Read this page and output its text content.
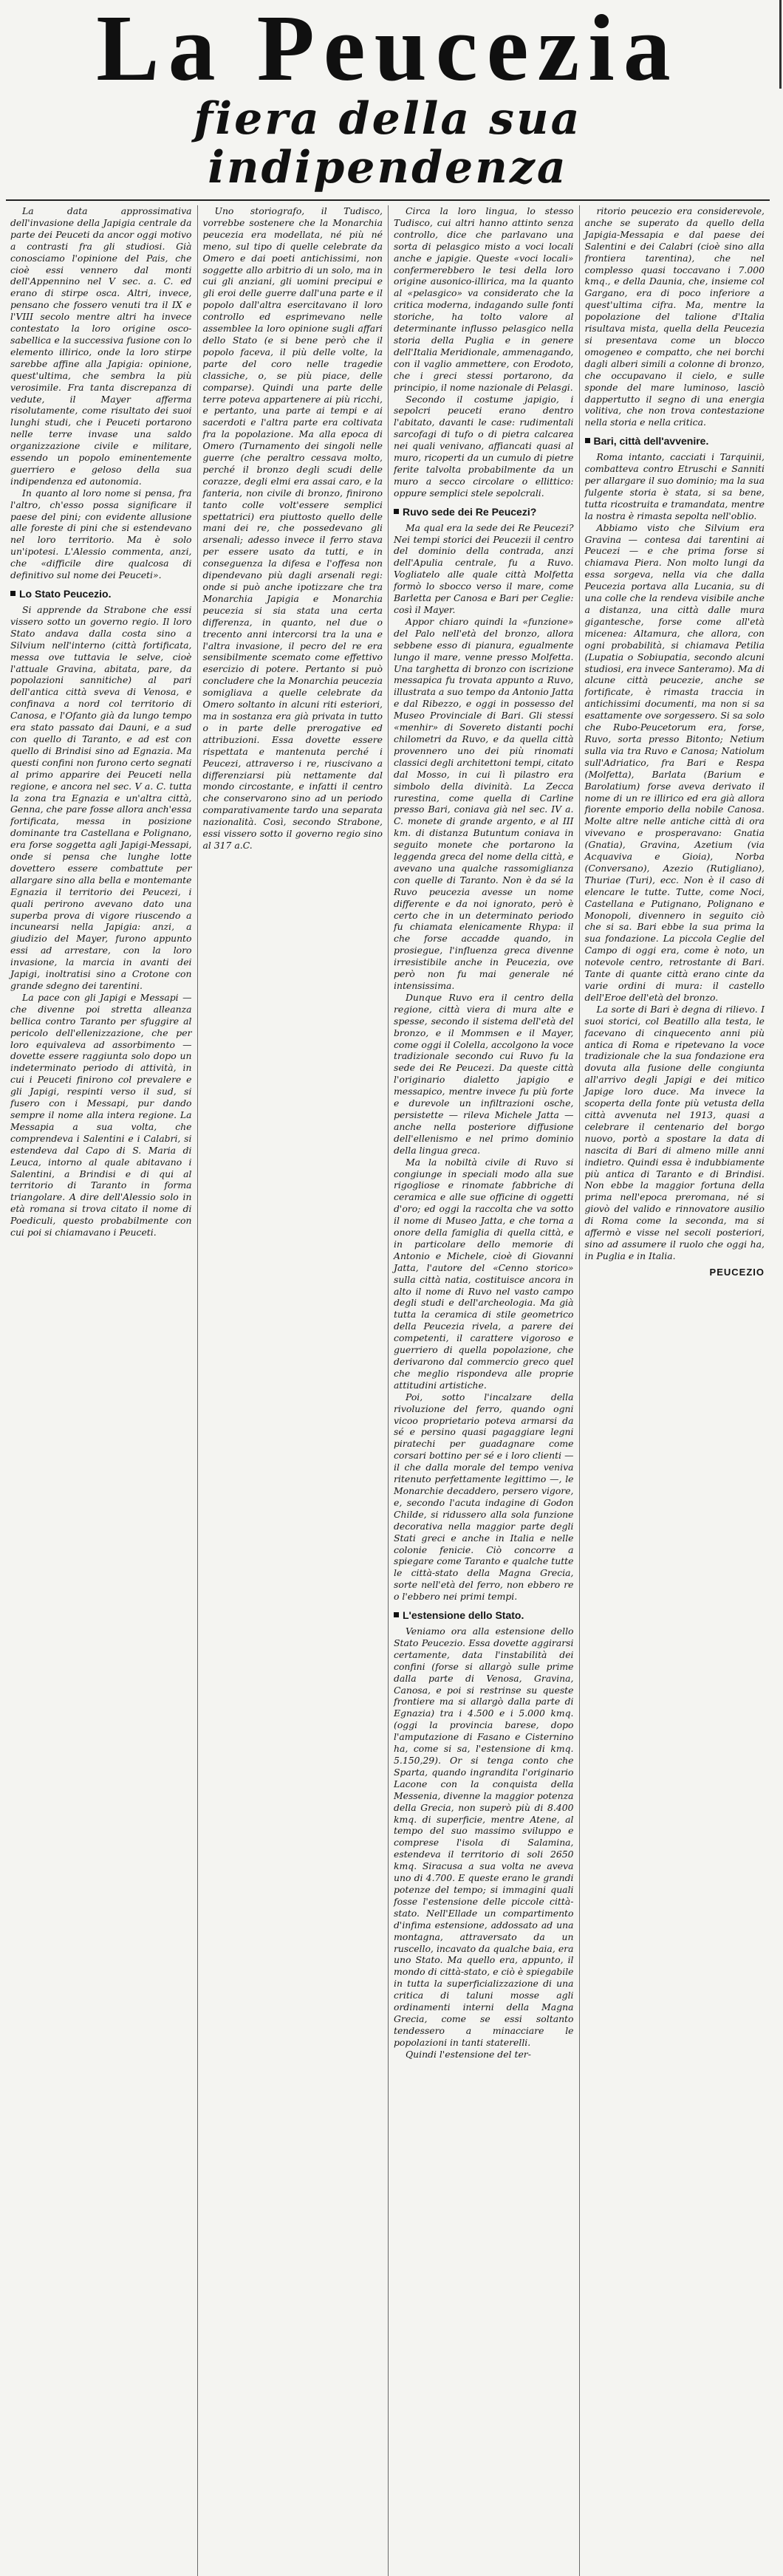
La Peucezia
fiera della sua indipendenza

La data approssimativa dell'invasione della Japigia centrale da parte dei Peuceti da ancor oggi motivo a contrasti fra gli studiosi. Già conosciamo l'opinione del Pais, che cioè essi vennero dal monti dell'Appennino nel V sec. a. C. ed erano di stirpe osca. Altri, invece, pensano che fossero venuti tra il IX e l'VIII secolo mentre altri ha invece contestato la loro origine osco-sabellica e la successiva fusione con lo elemento illirico, onde la loro stirpe sarebbe affine alla Japigia: opinione, quest'ultima, che sembra la più verosimile. Fra tanta discrepanza di vedute, il Mayer afferma risolutamente, come risultato dei suoi lunghi studi, che i Peuceti portarono nelle terre invase una saldo organizzazione civile e militare, essendo un popolo eminentemente guerriero e geloso della sua indipendenza ed autonomia.

In quanto al loro nome si pensa, fra l'altro, ch'esso possa significare il paese del pini; con evidente allusione alle foreste di pini che si estendevano nel loro territorio. Ma è solo un'ipotesi. L'Alessio commenta, anzi, che «difficile dire qualcosa di definitivo sul nome dei Peuceti».

Lo Stato Peucezio.

Si apprende da Strabone che essi vissero sotto un governo regio. Il loro Stato andava dalla costa sino a Silvium nell'interno (città fortificata, messa ove tuttavia le selve, cioè l'attuale Gravina, abitata, pare, da popolazioni sannitiche) al pari dell'antica città sveva di Venosa, e confinava a nord col territorio di Canosa, e l'Ofanto già da lungo tempo era stato passato dai Dauni, e a sud con quello di Taranto, e ad est con quello di Brindisi sino ad Egnazia. Ma questi confini non furono certo segnati al primo apparire dei Peuceti nella regione, e ancora nel sec. V a. C. tutta la zona tra Egnazia e un'altra città, Genna, che pare fosse allora anch'essa fortificata, messa in posizione dominante tra Castellana e Polignano, era forse soggetta agli Japigi-Messapi, onde si pensa che lunghe lotte dovettero essere combattute per allargare sino alla bella e montemante Egnazia il territorio dei Peucezi, i quali perirono avevano dato una superba prova di vigore riuscendo a incunearsi nella Japigia: anzi, a giudizio del Mayer, furono appunto essi ad arrestare, con la loro invasione, la marcia in avanti dei Japigi, inoltratisi sino a Crotone con grande sdegno dei tarentini.

La pace con gli Japigi e Messapi — che divenne poi stretta alleanza bellica contro Taranto per sfuggire al pericolo dell'ellenizzazione, che per loro equivaleva ad assorbimento — dovette essere raggiunta solo dopo un indeterminato periodo di attività, in cui i Peuceti finirono col prevalere e gli Japigi, respinti verso il sud, si fusero con i Messapi, pur dando sempre il nome alla intera regione. La Messapia a sua volta, che comprendeva i Salentini e i Calabri, si estendeva dal Capo di S. Maria di Leuca, intorno al quale abitavano i Salentini, a Brindisi e di qui al territorio di Taranto in forma triangolare. A dire dell'Alessio solo in età romana si trova citato il nome di Poediculi, questo probabilmente con cui poi si chiamavano i Peuceti.

Uno storiografo, il Tudisco, vorrebbe sostenere che la Monarchia peucezia era modellata, né più né meno, sul tipo di quelle celebrate da Omero e dai poeti antichissimi, non soggette allo arbitrio di un solo, ma in cui gli anziani, gli uomini precipui e gli eroi delle guerre dall'una parte e il popolo dall'altra esercitavano il loro controllo ed esprimevano nelle assemblee la loro opinione sugli affari dello Stato (e si bene però che il popolo faceva, il più delle volte, la parte del coro nelle tragedie classiche, o, se più piace, delle comparse). Quindi una parte delle terre poteva appartenere ai più ricchi, e pertanto, una parte ai tempi e ai sacerdoti e l'altra parte era coltivata fra la popolazione. Ma alla epoca di Omero (Turnamento dei singoli nelle guerre (che peraltro cessava molto, perché il bronzo degli scudi delle corazze, degli elmi era assai caro, e la fanteria, non civile di bronzo, finirono tanto colle volt'essere semplici spettatrici) era piuttosto quello delle mani dei re, che possedevano gli arsenali; adesso invece il ferro stava per essere usato da tutti, e in conseguenza la difesa e l'offesa non dipendevano più dagli arsenali regi: onde si può anche ipotizzare che tra Monarchia Japigia e Monarchia peucezia si sia stata una certa differenza, in quanto, nel due o trecento anni intercorsi tra la una e l'altra invasione, il pecro del re era sensibilmente scemato come effettivo esercizio di potere. Pertanto si può concludere che la Monarchia peucezia somigliava a quelle celebrate da Omero soltanto in alcuni riti esteriori, ma in sostanza era già privata in tutto o in parte delle prerogative ed attribuzioni. Essa dovette essere rispettata e mantenuta perché i Peucezi, attraverso i re, riuscivano a differenziarsi più nettamente dal mondo circostante, e infatti il centro che conservarono sino ad un periodo comparativamente tardo una separata nazionalità. Così, secondo Strabone, essi vissero sotto il governo regio sino al 317 a.C.

Circa la loro lingua, lo stesso Tudisco, cui altri hanno attinto senza controllo, dice che parlavano una sorta di pelasgico misto a voci locali anche e japigie. Queste «voci locali» confermerebbero le tesi della loro origine ausonico-illirica, ma la quanto al «pelasgico» va considerato che la critica moderna, indagando sulle fonti storiche, ha tolto valore al determinante influsso pelasgico nella storia della Puglia e in genere dell'Italia Meridionale, ammenagando, con il vaglio ammettere, con Erodoto, che i greci stessi portarono, da principio, il nome nazionale di Pelasgi.

Secondo il costume japigio, i sepolcri peuceti erano dentro l'abitato, davanti le case: rudimentali sarcofagi di tufo o di pietra calcarea nei quali venivano, affiancati quasi al muro, ricoperti da un cumulo di pietre ferite talvolta probabilmente da un muro a secco circolare o ellittico: oppure semplici stele sepolcrali.

Ruvo sede dei Re Peucezi?

Ma qual era la sede dei Re Peucezi? Nei tempi storici dei Peucezii il centro del dominio della contrada, anzi dell'Apulia centrale, fu a Ruvo. Vogliatelo alle quale città Molfetta formò lo sbocco verso il mare, come Barletta per Canosa e Bari per Ceglie: così il Mayer.

Appor chiaro quindi la «funzione» del Palo nell'età del bronzo, allora sebbene esso di pianura, egualmente lungo il mare, venne presso Molfetta. Una targhetta di bronzo con iscrizione messapica fu trovata appunto a Ruvo, illustrata a suo tempo da Antonio Jatta e dal Ribezzo, e oggi in possesso del Museo Provinciale di Bari. Gli stessi «menhir» di Sovereto distanti pochi chilometri da Ruvo, e da quella città provennero uno dei più rinomati classici degli architettoni tempi, citato dal Mosso, in cui lì pilastro era simbolo della divinità. La Zecca rurestina, come quella di Carline presso Bari, coniava già nel sec. IV a. C. monete di grande argento, e al III km. di distanza Butuntum coniava in seguito monete che portarono la leggenda greca del nome della città, e avevano una qualche rassomiglianza con quelle di Taranto. Non è da sé la Ruvo peucezia avesse un nome differente e da noi ignorato, però è certo che in un determinato periodo fu chiamata elenicamente Rhypa: il che forse accadde quando, in prosiegue, l'influenza greca divenne irresistibile anche in Peucezia, ove però non fu mai generale né intensissima.

Dunque Ruvo era il centro della regione, città viera di mura alte e spesse, secondo il sistema dell'età del bronzo, e il Mommsen e il Mayer, come oggi il Colella, accolgono la voce tradizionale secondo cui Ruvo fu la sede dei Re Peucezi. Da queste città l'originario dialetto japigio e messapico, mentre invece fu più forte e durevole un infiltrazioni osche, persistette — rileva Michele Jatta — anche nella posteriore diffusione dell'ellenismo e nel primo dominio della lingua greca.

Ma la nobiltà civile di Ruvo si congiunge in speciali modo alla sue rigogliose e rinomate fabbriche di ceramica e alle sue officine di oggetti d'oro; ed oggi la raccolta che va sotto il nome di Museo Jatta, e che torna a onore della famiglia di quella città, e in particolare dello memorie di Antonio e Michele, cioè di Giovanni Jatta, l'autore del «Cenno storico» sulla città natia, costituisce ancora in alto il nome di Ruvo nel vasto campo degli studi e dell'archeologia. Ma già tutta la ceramica di stile geometrico della Peucezia rivela, a parere dei competenti, il carattere vigoroso e guerriero di quella popolazione, che derivarono dal commercio greco quel che meglio rispondeva alle proprie attitudini artistiche.

Poi, sotto l'incalzare della rivoluzione del ferro, quando ogni vicoo proprietario poteva armarsi da sé e persino quasi pagaggiare legni piratechi per guadagnare come corsari bottino per sé e i loro clienti — il che dalla morale del tempo veniva ritenuto perfettamente legittimo —, le Monarchie decaddero, persero vigore, e, secondo l'acuta indagine di Godon Childe, si ridussero alla sola funzione decorativa nella maggior parte degli Stati greci e anche in Italia e nelle colonie fenicie. Ciò concorre a spiegare come Taranto e qualche tutte le città-stato della Magna Grecia, sorte nell'età del ferro, non ebbero re o l'ebbero nei primi tempi.

L'estensione dello Stato.

Veniamo ora alla estensione dello Stato Peucezio. Essa dovette aggirarsi certamente, data l'instabilità dei confini (forse si allargò sulle prime dalla parte di Venosa, Gravina, Canosa, e poi si restrinse su queste frontiere ma si allargò dalla parte di Egnazia) tra i 4.500 e i 5.000 kmq. (oggi la provincia barese, dopo l'amputazione di Fasano e Cisternino ha, come si sa, l'estensione di kmq. 5.150,29). Or si tenga conto che Sparta, quando ingrandita l'originario Lacone con la conquista della Messenia, divenne la maggior potenza della Grecia, non superò più di 8.400 kmq. di superficie, mentre Atene, al tempo del suo massimo sviluppo e comprese l'isola di Salamina, estendeva il territorio di soli 2650 kmq. Siracusa a sua volta ne aveva uno di 4.700. E queste erano le grandi potenze del tempo; si immagini quali fosse l'estensione delle piccole città-stato. Nell'Ellade un compartimento d'infima estensione, addossato ad una montagna, attraversato da un ruscello, incavato da qualche baia, era uno Stato. Ma quello era, appunto, il mondo di città-stato, e ciò è spiegabile in tutta la superficializzazione di una critica di taluni mosse agli ordinamenti interni della Magna Grecia, come se essi soltanto tendessero a minacciare le popolazioni in tanti staterelli.

Quindi l'estensione del ter-

ritorio peucezio era considerevole, anche se superato da quello della Japigia-Messapia e dal paese dei Salentini e dei Calabri (cioè sino alla frontiera tarentina), che nel complesso quasi toccavano i 7.000 kmq., e della Daunia, che, insieme col Gargano, era di poco inferiore a quest'ultima cifra. Ma, mentre la popolazione del talione d'Italia risultava mista, quella della Peucezia si presentava come un blocco omogeneo e compatto, che nei borchi dagli alberi simili a colonne di bronzo, che occupavano il cielo, e sulle sponde del mare luminoso, lasciò dappertutto il segno di una energia volitiva, che non trova contestazione nella storia e nella critica.

Bari, città dell'avvenire.

Roma intanto, cacciati i Tarquinii, combatteva contro Etruschi e Sanniti per allargare il suo dominio; ma la sua fulgente storia è stata, si sa bene, tutta ricostruita e tramandata, mentre la nostra è rimasta sepolta nell'oblio.

Abbiamo visto che Silvium era Gravina — contesa dai tarentini ai Peucezi — e che prima forse si chiamava Piera. Non molto lungi da essa sorgeva, nella via che dalla Peucezia portava alla Lucania, su di una colle che la rendeva visibile anche a distanza, una città dalle mura gigantesche, forse come all'età micenea: Altamura, che allora, con ogni probabilità, si chiamava Petilia (Lupatia o Sobiupatia, secondo alcuni studiosi, era invece Santeramo). Ma di alcune città peucezie, anche se fortificate, è rimasta traccia in antichissimi documenti, ma non si sa esattamente ove sorgessero. Si sa solo che Rubo-Peucetorum era, forse, Ruvo, sorta presso Bitonto; Netium sulla via tra Ruvo e Canosa; Natiolum sull'Adriatico, fra Bari e Respa (Molfetta), Barlata (Barium e Barolatium) forse aveva derivato il nome di un re illirico ed era già allora fiorente emporio della nobile Canosa. Molte altre nelle antiche città di ora vivevano e prosperavano: Gnatia (Gnatia), Gravina, Azetium (via Acquaviva e Gioia), Norba (Conversano), Azezio (Rutigliano), Thuriae (Turi), ecc. Non è il caso di elencare le tutte. Tutte, come Noci, Castellana e Putignano, Polignano e Monopoli, divennero in seguito ciò che si sa. Bari ebbe la sua prima la sua fondazione. La piccola Ceglie del Campo di oggi era, come è noto, un notevole centro, retrostante di Bari. Tante di quante città erano cinte da varie ordini di mura: il castello dell'Eroe dell'età del bronzo.

La sorte di Bari è degna di rilievo. I suoi storici, col Beatillo alla testa, le facevano di cinquecento anni più antica di Roma e ripetevano la voce tradizionale che la sua fondazione era dovuta alla fusione delle congiunta all'arrivo degli Japigi e dei mitico Japige loro duce. Ma invece la scoperta della fonte più vetusta della città avvenuta nel 1913, quasi a celebrare il centenario del borgo nuovo, portò a spostare la data di nascita di Bari di almeno mille anni indietro. Quindi essa è indubbiamente più antica di Taranto e di Brindisi. Non ebbe la maggior fortuna della prima nell'epoca preromana, né si giovò del valido e rinnovatore ausilio di Roma come la seconda, ma si affermò e visse nel secoli posteriori, sino ad assumere il ruolo che oggi ha, in Puglia e in Italia.

PEUCEZIO
